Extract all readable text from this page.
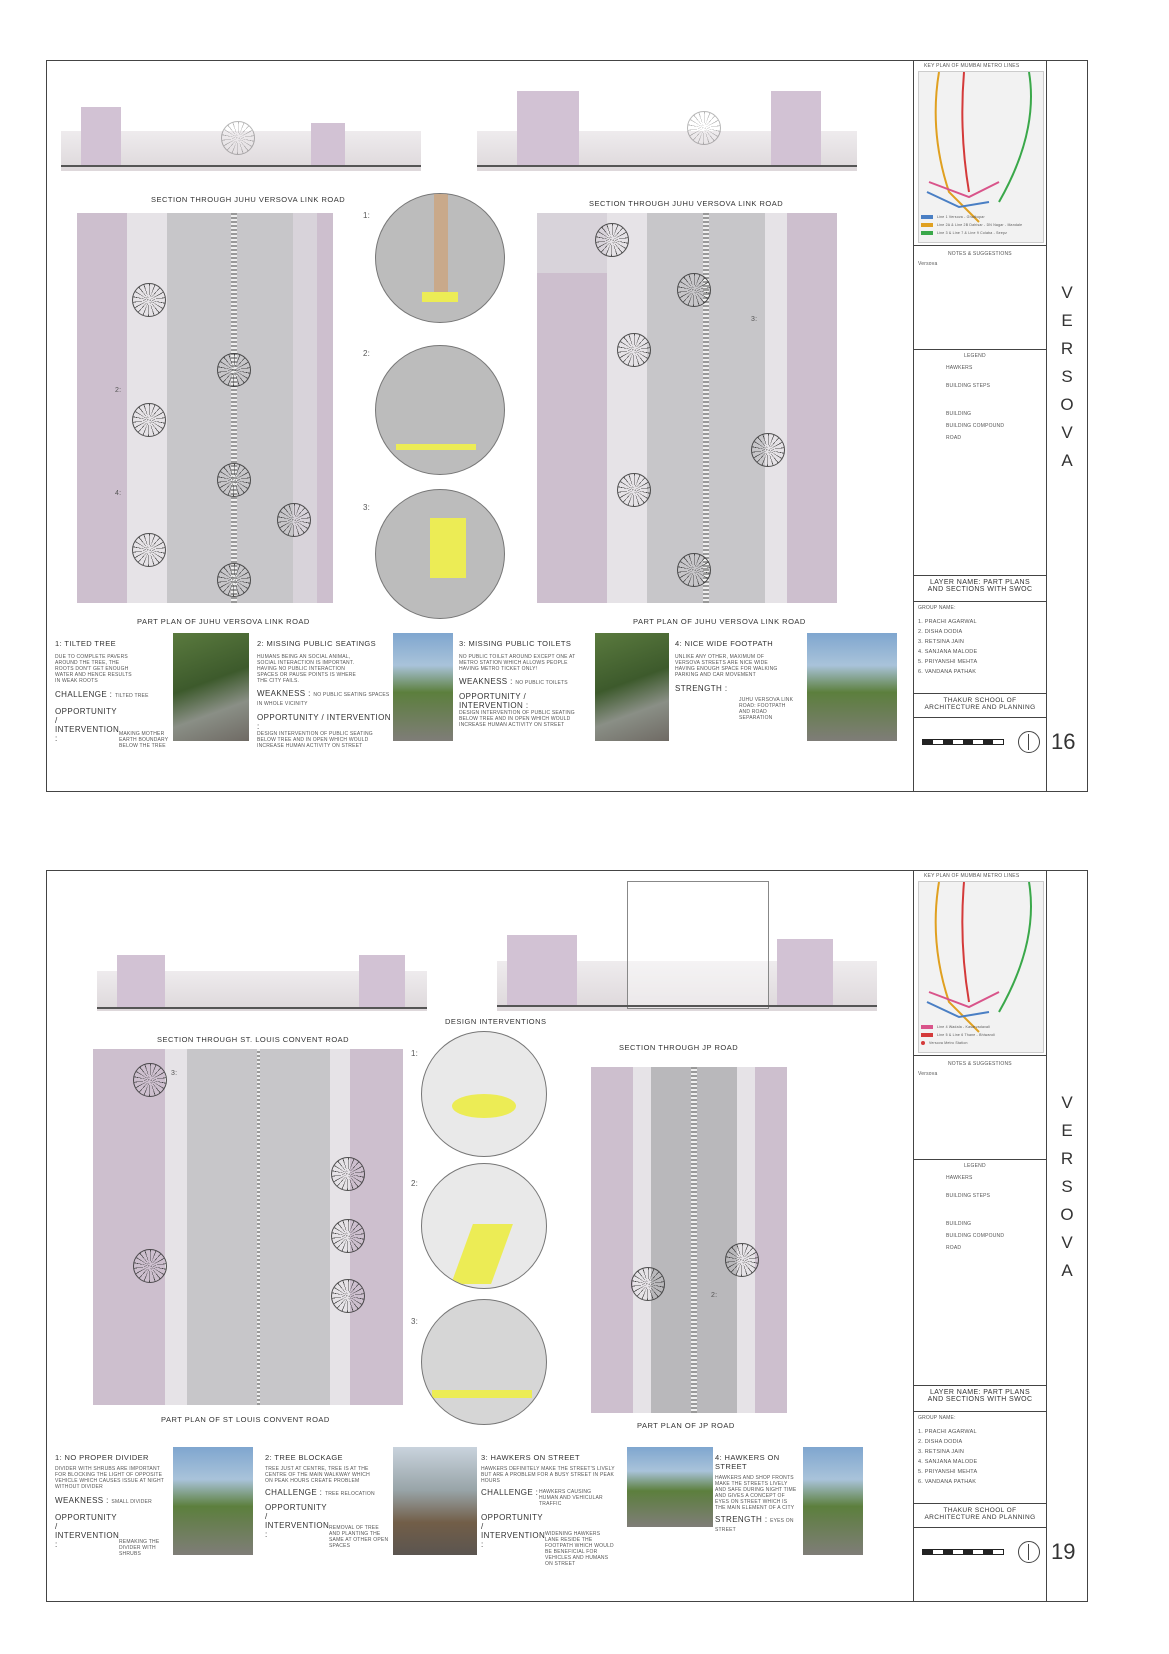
SECTION THROUGH JUHU VERSOVA LINK ROAD	SECTION THROUGH JUHU VERSOVA LINK ROAD
2:
4:
PART PLAN OF JUHU VERSOVA LINK ROAD
1:
2:
3:
3:
PART PLAN OF JUHU VERSOVA LINK ROAD
1: TILTED TREE
DUE TO COMPLETE PAVERS AROUND THE TREE, THE ROOTS DON'T GET ENOUGH WATER AND HENCE RESULTS IN WEAK ROOTS
CHALLENGE : TILTED TREE
OPPORTUNITY / INTERVENTION :	MAKING MOTHER EARTH BOUNDARY BELOW THE TREE
2: MISSING PUBLIC SEATINGS
HUMANS BEING AN SOCIAL ANIMAL, SOCIAL INTERACTION IS IMPORTANT. HAVING NO PUBLIC INTERACTION SPACES OR PAUSE POINTS IS WHERE THE CITY FAILS.
WEAKNESS : NO PUBLIC SEATING SPACES IN WHOLE VICINITY
OPPORTUNITY / INTERVENTION :
DESIGN INTERVENTION OF PUBLIC SEATING BELOW TREE AND IN OPEN WHICH WOULD INCREASE HUMAN ACTIVITY ON STREET
3: MISSING PUBLIC TOILETS
NO PUBLIC TOILET AROUND EXCEPT ONE AT METRO STATION WHICH ALLOWS PEOPLE HAVING METRO TICKET ONLY!
WEAKNESS : NO PUBLIC TOILETS
OPPORTUNITY / INTERVENTION :
DESIGN INTERVENTION OF PUBLIC SEATING BELOW TREE AND IN OPEN WHICH WOULD INCREASE HUMAN ACTIVITY ON STREET
4: NICE WIDE FOOTPATH
UNLIKE ANY OTHER, MAXIMUM OF VERSOVA STREETS ARE NICE WIDE HAVING ENOUGH SPACE FOR WALKING PARKING AND CAR MOVEMENT
STRENGTH :
JUHU VERSOVA LINK ROAD: FOOTPATH AND ROAD SEPARATION
KEY PLAN OF MUMBAI METRO LINES
Line 1 Versova - Ghatkopar
Line 2A & Line 2B Dahisar - DN Nagar - Mandale
Line 3 & Line 7 & Line 9 Colaba - Seepz
Versova
NOTES & SUGGESTIONS
LEGEND
HAWKERS
BUILDING STEPS
BUILDING
BUILDING COMPOUND
ROAD
LAYER NAME: PART PLANS AND SECTIONS WITH SWOC
GROUP NAME:
1. PRACHI AGARWAL
2. DISHA DODIA
3. RETSINA JAIN
4. SANJANA MALODE
5. PRIYANSHI MEHTA
6. VANDANA PATHAK
THAKUR SCHOOL OF ARCHITECTURE AND PLANNING
V
E
R
S
O
V
A
16
SECTION THROUGH ST. LOUIS CONVENT ROAD
SECTION THROUGH JP ROAD
DESIGN INTERVENTIONS
3:
PART PLAN OF ST LOUIS CONVENT ROAD
1:
2:
3:
2:
PART PLAN OF JP ROAD
1: NO PROPER DIVIDER
DIVIDER WITH SHRUBS ARE IMPORTANT FOR BLOCKING THE LIGHT OF OPPOSITE VEHICLE WHICH CAUSES ISSUE AT NIGHT WITHOUT DIVIDER
WEAKNESS : SMALL DIVIDER
OPPORTUNITY / INTERVENTION :	REMAKING THE DIVIDER WITH SHRUBS
2: TREE BLOCKAGE
TREE JUST AT CENTRE, TREE IS AT THE CENTRE OF THE MAIN WALKWAY WHICH ON PEAK HOURS CREATE PROBLEM
CHALLENGE : TREE RELOCATION
OPPORTUNITY / INTERVENTION :
REMOVAL OF TREE AND PLANTING THE SAME AT OTHER OPEN SPACES
3: HAWKERS ON STREET
HAWKERS DEFINITELY MAKE THE STREET'S LIVELY BUT ARE A PROBLEM FOR A BUSY STREET IN PEAK HOURS
CHALLENGE : HAWKERS CAUSING HUMAN AND VEHICULAR TRAFFIC
OPPORTUNITY / INTERVENTION :
WIDENING HAWKERS LANE RESIDE THE FOOTPATH WHICH WOULD BE BENEFICIAL FOR VEHICLES AND HUMANS ON STREET
4: HAWKERS ON STREET
HAWKERS AND SHOP FRONTS MAKE THE STREETS LIVELY AND SAFE DURING NIGHT TIME AND GIVES A CONCEPT OF EYES ON STREET WHICH IS THE MAIN ELEMENT OF A CITY
STRENGTH : EYES ON STREET
KEY PLAN OF MUMBAI METRO LINES
Line 4 Wadala - Kasarvadavali
Line 5 & Line 6 Thane - Bhiwandi
Versova Metro Station
Versova
NOTES & SUGGESTIONS
LEGEND
HAWKERS
BUILDING STEPS
BUILDING
BUILDING COMPOUND
ROAD
LAYER NAME: PART PLANS AND SECTIONS WITH SWOC
GROUP NAME:
1. PRACHI AGARWAL
2. DISHA DODIA
3. RETSINA JAIN
4. SANJANA MALODE
5. PRIYANSHI MEHTA
6. VANDANA PATHAK
THAKUR SCHOOL OF ARCHITECTURE AND PLANNING
V
E
R
S
O
V
A
19
